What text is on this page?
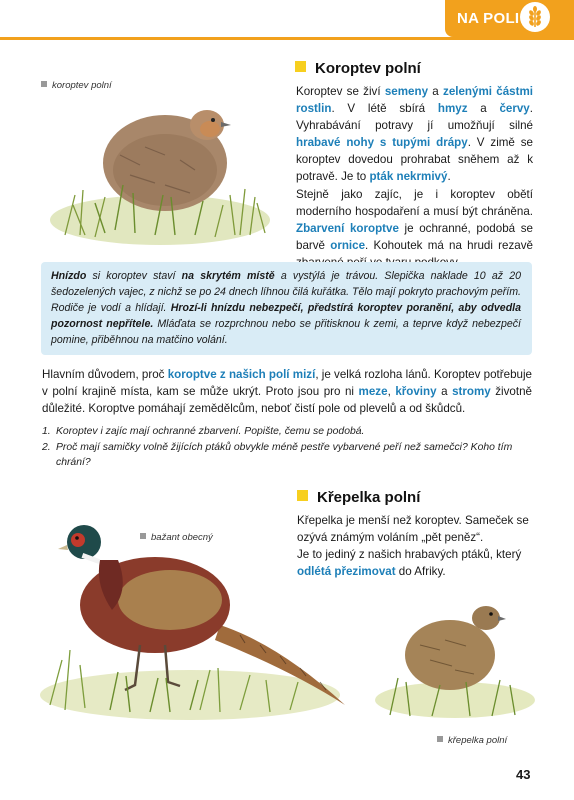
NA POLI
koroptev polní
Koroptev polní
Koroptev se živí semeny a zelenými částmi rostlin. V létě sbírá hmyz a červy. Vyhrabávání potravy jí umožňují silné hrabavé nohy s tupými drápy. V zimě se koroptev dovedou prohrabat sněhem až k potravě. Je to pták nekrmivý.
Stejně jako zajíc, je i koroptev obětí moderního hospodaření a musí být chráněna. Zbarvení koroptve je ochranné, podobá se barvě ornice. Kohoutek má na hrudi rezavě
Hnízdo si koroptev staví na skrytém místě a vystýlá je trávou. Slepička naklade 10 až 20 šedozelených vajec, z nichž se po 24 dnech líhnou čilá kuřátka. Tělo mají pokryto prachovým peřím. Rodiče je vodí a hlídají. Hrozí-li hnízdu nebezpečí, předstírá koroptev poranění, aby odvedla pozornost nepřítele. Mláďata se rozprchnou nebo se přitisknou k zemi, a teprve když nebezpečí pomine, přiběhnou na matčino volání.
Hlavním důvodem, proč koroptve z našich polí mizí, je velká rozloha lánů. Koroptev potřebuje v polní krajině místa, kam se může ukrýt. Proto jsou pro ni meze, křoviny a stromy životně důležité. Koroptve pomáhají zemědělcům, neboť čistí pole od plevelů a od škůdců.
1. Koroptev i zajíc mají ochranné zbarvení. Popište, čemu se podobá.
2. Proč mají samičky volně žijících ptáků obvykle méně pestře vybarvené peří než samečci? Koho tím chrání?
bažant obecný
Křepelka polní
Křepelka je menší než koroptev. Sameček se ozývá známým voláním „pět peněz“.
Je to jediný z našich hrabavých ptáků, který odlétá přezimovat do Afriky.
křepelka polní
43
